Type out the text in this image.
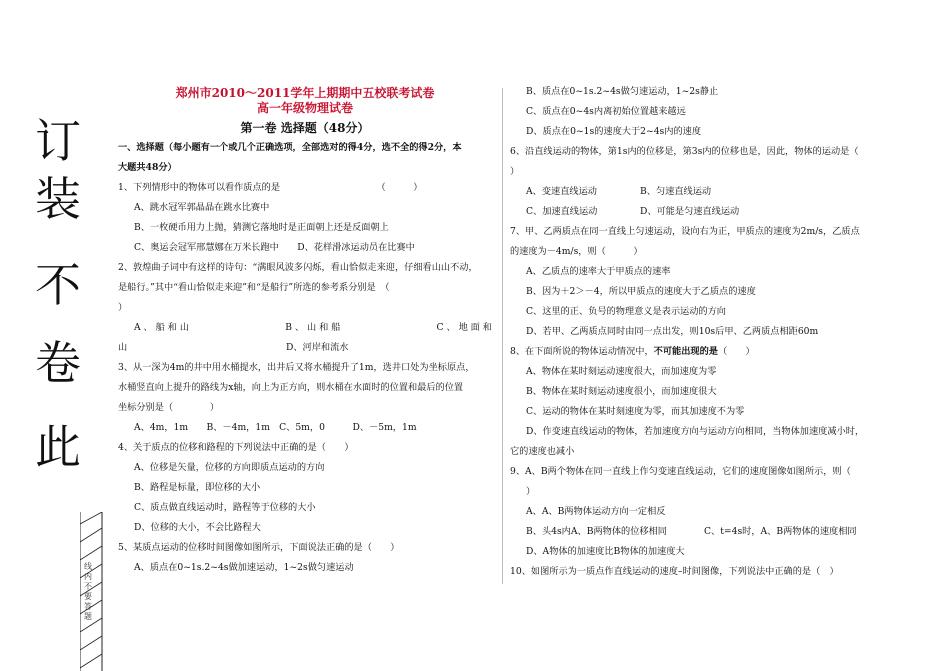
订
装
不
卷
此
线内不要答题
郑州市2010～2011学年上期期中五校联考试卷
高一年级物理试卷
第一卷 选择题（48分）
一、选择题（每小题有一个或几个正确选项，全部选对的得4分，选不全的得2分，本
大题共48分）
1、下列情形中的物体可以看作质点的是　　　　　　　　　　　（　　　）
A、跳水冠军郭晶晶在跳水比赛中
B、一枚硬币用力上抛，猜测它落地时是正面朝上还是反面朝上
C、奥运会冠军邢慧娜在万米长跑中　　 D、花样滑冰运动员在比赛中
2、敦煌曲子词中有这样的诗句：“满眼风波多闪烁，看山恰似走来迎，仔细看山山不动，
是船行。”其中“看山恰似走来迎”和“是船行”所选的参考系分别是　（
）
A 、 船 和 山	B 、 山 和 船	C 、 地 面 和
山	D、河岸和流水
3、从一深为4m的井中用水桶提水，出井后又将水桶提升了1m，选井口处为坐标原点，
水桶竖直向上提升的路线为x轴，向上为正方向，则水桶在水面时的位置和最后的位置
坐标分别是（　　　　）
A、4m，1m　　B、－4m，1m　C、5m，0　　　D、－5m，1m
4、关于质点的位移和路程的下列说法中正确的是（　　）
A、位移是矢量，位移的方向即质点运动的方向
B、路程是标量，即位移的大小
C、质点做直线运动时，路程等于位移的大小
D、位移的大小，不会比路程大
5、某质点运动的位移时间图像如图所示，下面说法正确的是（　　）
A、质点在0~1s.2~4s做加速运动，1~2s做匀速运动
B、质点在0~1s.2~4s做匀速运动，1~2s静止
C、质点在0~4s内离初始位置越来越远
D、质点在0~1s的速度大于2~4s内的速度
6、沿直线运动的物体，第1s内的位移是，第3s内的位移也是，因此，物体的运动是（
）
A、变速直线运动	B、匀速直线运动
C、加速直线运动	D、可能是匀速直线运动
7、甲、乙两质点在同一直线上匀速运动，设向右为正，甲质点的速度为2m/s，乙质点
的速度为－4m/s，则（　　　）
A、乙质点的速率大于甲质点的速率
B、因为＋2＞－4，所以甲质点的速度大于乙质点的速度
C、这里的正、负号的物理意义是表示运动的方向
D、若甲、乙两质点同时由同一点出发，则10s后甲、乙两质点相距60m
8、在下面所说的物体运动情况中，不可能出现的是（　　）
A、物体在某时刻运动速度很大，而加速度为零
B、物体在某时刻运动速度很小，而加速度很大
C、运动的物体在某时刻速度为零，而其加速度不为零
D、作变速直线运动的物体，若加速度方向与运动方向相同，当物体加速度减小时，
它的速度也减小
9、A、B两个物体在同一直线上作匀变速直线运动，它们的速度图像如图所示，则（
）
A、A、B两物体运动方向一定相反
B、头4s内A、B两物体的位移相同	C、t=4s时，A、B两物体的速度相同
D、A物体的加速度比B物体的加速度大
10、如图所示为一质点作直线运动的速度–时间图像，下列说法中正确的是（　）
